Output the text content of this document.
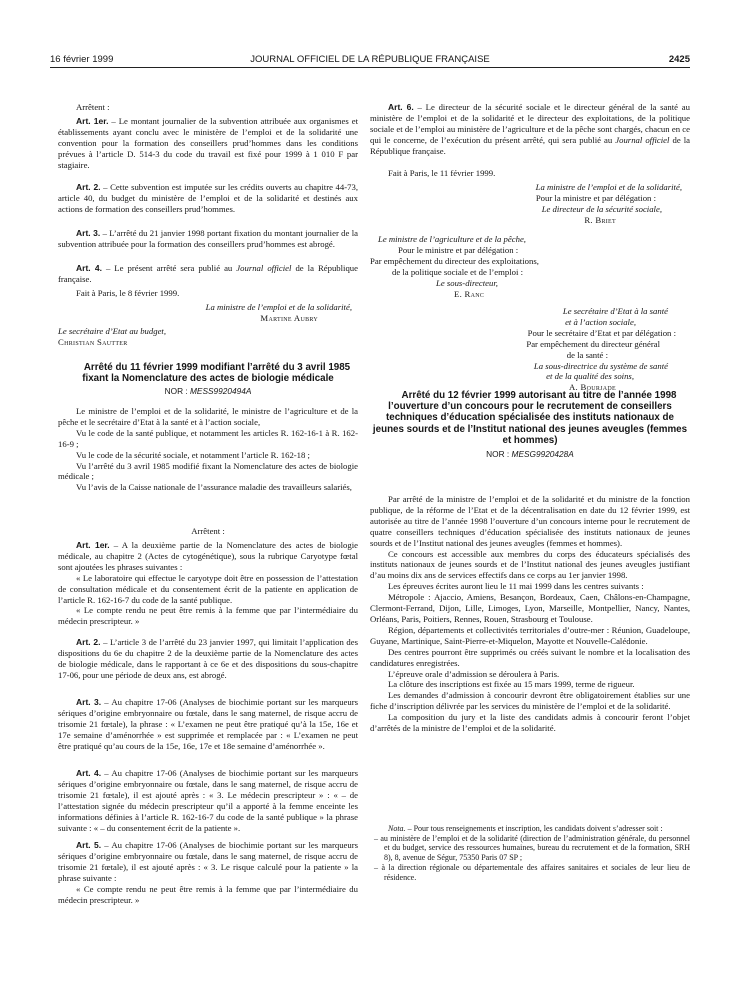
16 février 1999	JOURNAL OFFICIEL DE LA RÉPUBLIQUE FRANÇAISE	2425

Arrêtent :

Art. 1er. – Le montant journalier de la subvention attribuée aux organismes et établissements ayant conclu avec le ministère de l’emploi et de la solidarité une convention pour la formation des conseillers prud’hommes dans les conditions prévues à l’article D. 514-3 du code du travail est fixé pour 1999 à 1 010 F par stagiaire.

Art. 2. – Cette subvention est imputée sur les crédits ouverts au chapitre 44-73, article 40, du budget du ministère de l’emploi et de la solidarité et destinés aux actions de formation des conseillers prud’hommes.

Art. 3. – L’arrêté du 21 janvier 1998 portant fixation du montant journalier de la subvention attribuée pour la formation des conseillers prud’hommes est abrogé.

Art. 4. – Le présent arrêté sera publié au Journal officiel de la République française.

Fait à Paris, le 8 février 1999.

La ministre de l’emploi et de la solidarité,

Martine Aubry

Le secrétaire d’Etat au budget,

Christian Sautter

Arrêté du 11 février 1999 modifiant l’arrêté du 3 avril 1985 fixant la Nomenclature des actes de biologie médicale

NOR : MESS9920494A

Le ministre de l’emploi et de la solidarité, le ministre de l’agriculture et de la pêche et le secrétaire d’Etat à la santé et à l’action sociale,

Vu le code de la santé publique, et notamment les articles R. 162-16-1 à R. 162-16-9 ;

Vu le code de la sécurité sociale, et notamment l’article R. 162-18 ;

Vu l’arrêté du 3 avril 1985 modifié fixant la Nomenclature des actes de biologie médicale ;

Vu l’avis de la Caisse nationale de l’assurance maladie des travailleurs salariés,

Arrêtent :

Art. 1er. – A la deuxième partie de la Nomenclature des actes de biologie médicale, au chapitre 2 (Actes de cytogénétique), sous la rubrique Caryotype fœtal sont ajoutées les phrases suivantes :

« Le laboratoire qui effectue le caryotype doit être en possession de l’attestation de consultation médicale et du consentement écrit de la patiente en application de l’article R. 162-16-7 du code de la santé publique.

« Le compte rendu ne peut être remis à la femme que par l’intermédiaire du médecin prescripteur. »

Art. 2. – L’article 3 de l’arrêté du 23 janvier 1997, qui limitait l’application des dispositions du 6e du chapitre 2 de la deuxième partie de la Nomenclature des actes de biologie médicale, dans le rapportant à ce 6e et des dispositions du sous-chapitre 17-06, pour une période de deux ans, est abrogé.

Art. 3. – Au chapitre 17-06 (Analyses de biochimie portant sur les marqueurs sériques d’origine embryonnaire ou fœtale, dans le sang maternel, de risque accru de trisomie 21 fœtale), la phrase : « L’examen ne peut être pratiqué qu’à la 15e, 16e et 17e semaine d’aménorrhée » est supprimée et remplacée par : « L’examen ne peut être pratiqué qu’au cours de la 15e, 16e, 17e et 18e semaine d’aménorrhée ».

Art. 4. – Au chapitre 17-06 (Analyses de biochimie portant sur les marqueurs sériques d’origine embryonnaire ou fœtale, dans le sang maternel, de risque accru de trisomie 21 fœtale), il est ajouté après : « 3. Le médecin prescripteur » : « – de l’attestation signée du médecin prescripteur qu’il a apporté à la femme enceinte les informations définies à l’article R. 162-16-7 du code de la santé publique » la phrase suivante : « – du consentement écrit de la patiente ».

Art. 5. – Au chapitre 17-06 (Analyses de biochimie portant sur les marqueurs sériques d’origine embryonnaire ou fœtale, dans le sang maternel, de risque accru de trisomie 21 fœtale), il est ajouté après : « 3. Le risque calculé pour la patiente » la phrase suivante :

« Ce compte rendu ne peut être remis à la femme que par l’intermédiaire du médecin prescripteur. »

Art. 6. – Le directeur de la sécurité sociale et le directeur général de la santé au ministère de l’emploi et de la solidarité et le directeur des exploitations, de la politique sociale et de l’emploi au ministère de l’agriculture et de la pêche sont chargés, chacun en ce qui le concerne, de l’exécution du présent arrêté, qui sera publié au Journal officiel de la République française.

Fait à Paris, le 11 février 1999.

La ministre de l’emploi et de la solidarité,

Pour la ministre et par délégation :

Le directeur de la sécurité sociale,

R. Briet

Le ministre de l’agriculture et de la pêche,

Pour le ministre et par délégation :

Par empêchement du directeur des exploitations,

de la politique sociale et de l’emploi :

Le sous-directeur,

E. Ranc

Le secrétaire d’Etat à la santé

et à l’action sociale,

Pour le secrétaire d’Etat et par délégation :

Par empêchement du directeur général

de la santé :

La sous-directrice du système de santé

et de la qualité des soins,

A. Bourjade

Arrêté du 12 février 1999 autorisant au titre de l’année 1998 l’ouverture d’un concours pour le recrutement de conseillers techniques d’éducation spécialisée des instituts nationaux de jeunes sourds et de l’Institut national des jeunes aveugles (femmes et hommes)

NOR : MESG9920428A

Par arrêté de la ministre de l’emploi et de la solidarité et du ministre de la fonction publique, de la réforme de l’Etat et de la décentralisation en date du 12 février 1999, est autorisée au titre de l’année 1998 l’ouverture d’un concours interne pour le recrutement de quatre conseillers techniques d’éducation spécialisée des instituts nationaux de jeunes sourds et de l’Institut national des jeunes aveugles (femmes et hommes).

Ce concours est accessible aux membres du corps des éducateurs spécialisés des instituts nationaux de jeunes sourds et de l’Institut national des jeunes aveugles justifiant d’au moins dix ans de services effectifs dans ce corps au 1er janvier 1998.

Les épreuves écrites auront lieu le 11 mai 1999 dans les centres suivants :

Métropole : Ajaccio, Amiens, Besançon, Bordeaux, Caen, Châlons-en-Champagne, Clermont-Ferrand, Dijon, Lille, Limoges, Lyon, Marseille, Montpellier, Nancy, Nantes, Orléans, Paris, Poitiers, Rennes, Rouen, Strasbourg et Toulouse.

Région, départements et collectivités territoriales d’outre-mer : Réunion, Guadeloupe, Guyane, Martinique, Saint-Pierre-et-Miquelon, Mayotte et Nouvelle-Calédonie.

Des centres pourront être supprimés ou créés suivant le nombre et la localisation des candidatures enregistrées.

L’épreuve orale d’admission se déroulera à Paris.

La clôture des inscriptions est fixée au 15 mars 1999, terme de rigueur.

Les demandes d’admission à concourir devront être obligatoirement établies sur une fiche d’inscription délivrée par les services du ministère de l’emploi et de la solidarité.

La composition du jury et la liste des candidats admis à concourir feront l’objet d’arrêtés de la ministre de l’emploi et de la solidarité.

Nota. – Pour tous renseignements et inscription, les candidats doivent s’adresser soit :

– au ministère de l’emploi et de la solidarité (direction de l’administration générale, du personnel et du budget, service des ressources humaines, bureau du recrutement et de la formation, SRH 8), 8, avenue de Ségur, 75350 Paris 07 SP ;

– à la direction régionale ou départementale des affaires sanitaires et sociales de leur lieu de résidence.
